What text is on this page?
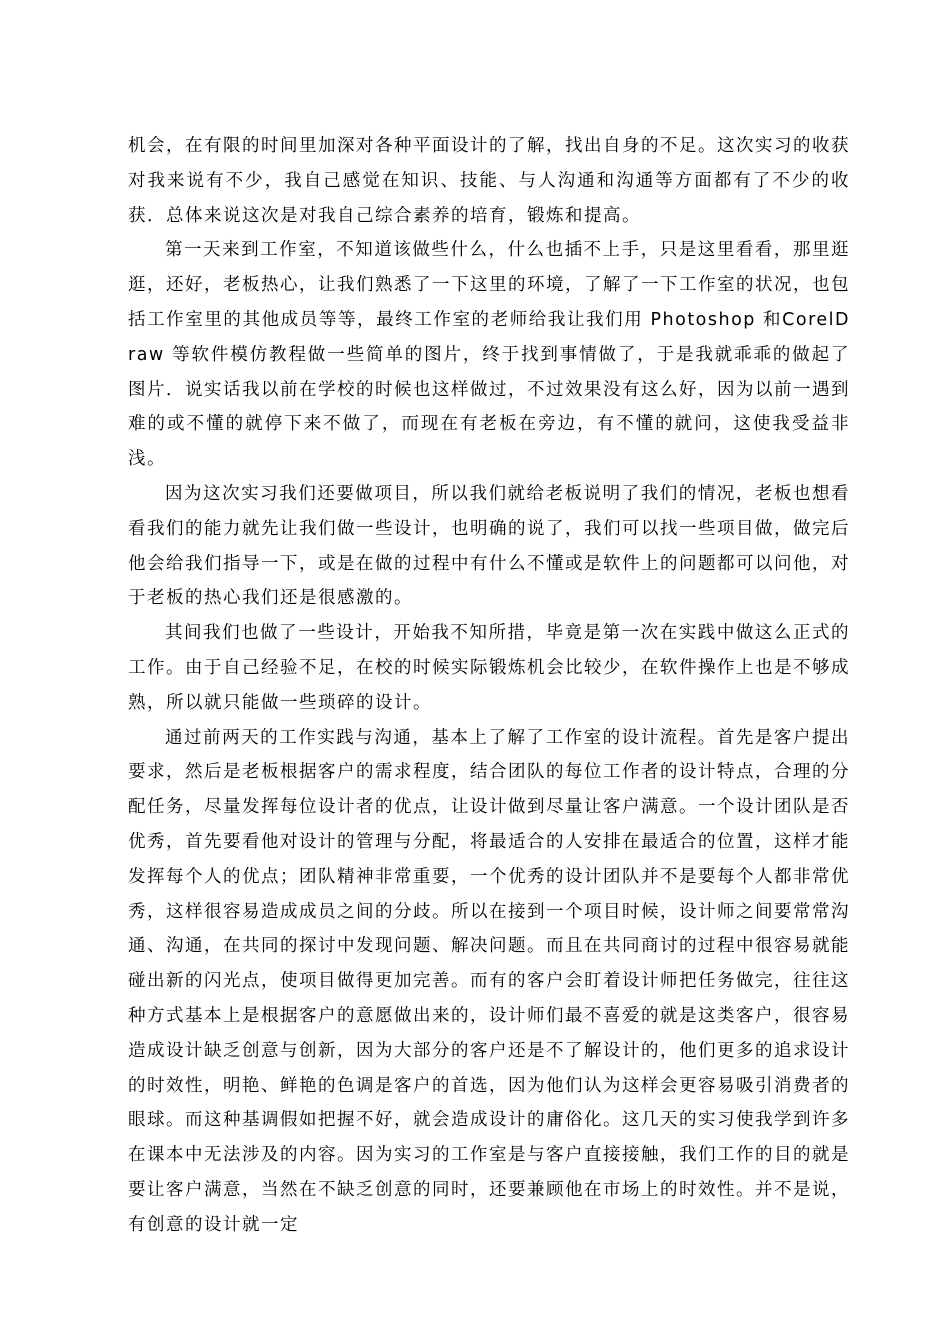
机会，在有限的时间里加深对各种平面设计的了解，找出自身的不足。这次实习的收获对我来说有不少，我自己感觉在知识、技能、与人沟通和沟通等方面都有了不少的收获．总体来说这次是对我自己综合素养的培育，锻炼和提高。

第一天来到工作室，不知道该做些什么，什么也插不上手，只是这里看看，那里逛逛，还好，老板热心，让我们熟悉了一下这里的环境，了解了一下工作室的状况，也包括工作室里的其他成员等等，最终工作室的老师给我让我们用 Photoshop 和CorelDraw 等软件模仿教程做一些简单的图片，终于找到事情做了，于是我就乖乖的做起了图片．说实话我以前在学校的时候也这样做过，不过效果没有这么好，因为以前一遇到难的或不懂的就停下来不做了，而现在有老板在旁边，有不懂的就问，这使我受益非浅。

因为这次实习我们还要做项目，所以我们就给老板说明了我们的情况，老板也想看看我们的能力就先让我们做一些设计，也明确的说了，我们可以找一些项目做，做完后他会给我们指导一下，或是在做的过程中有什么不懂或是软件上的问题都可以问他，对于老板的热心我们还是很感激的。

其间我们也做了一些设计，开始我不知所措，毕竟是第一次在实践中做这么正式的工作。由于自己经验不足，在校的时候实际锻炼机会比较少，在软件操作上也是不够成熟，所以就只能做一些琐碎的设计。

通过前两天的工作实践与沟通，基本上了解了工作室的设计流程。首先是客户提出要求，然后是老板根据客户的需求程度，结合团队的每位工作者的设计特点，合理的分配任务，尽量发挥每位设计者的优点，让设计做到尽量让客户满意。一个设计团队是否优秀，首先要看他对设计的管理与分配，将最适合的人安排在最适合的位置，这样才能发挥每个人的优点；团队精神非常重要，一个优秀的设计团队并不是要每个人都非常优秀，这样很容易造成成员之间的分歧。所以在接到一个项目时候，设计师之间要常常沟通、沟通，在共同的探讨中发现问题、解决问题。而且在共同商讨的过程中很容易就能碰出新的闪光点，使项目做得更加完善。而有的客户会盯着设计师把任务做完，往往这种方式基本上是根据客户的意愿做出来的，设计师们最不喜爱的就是这类客户，很容易造成设计缺乏创意与创新，因为大部分的客户还是不了解设计的，他们更多的追求设计的时效性，明艳、鲜艳的色调是客户的首选，因为他们认为这样会更容易吸引消费者的眼球。而这种基调假如把握不好，就会造成设计的庸俗化。这几天的实习使我学到许多在课本中无法涉及的内容。因为实习的工作室是与客户直接接触，我们工作的目的就是要让客户满意，当然在不缺乏创意的同时，还要兼顾他在市场上的时效性。并不是说，有创意的设计就一定
